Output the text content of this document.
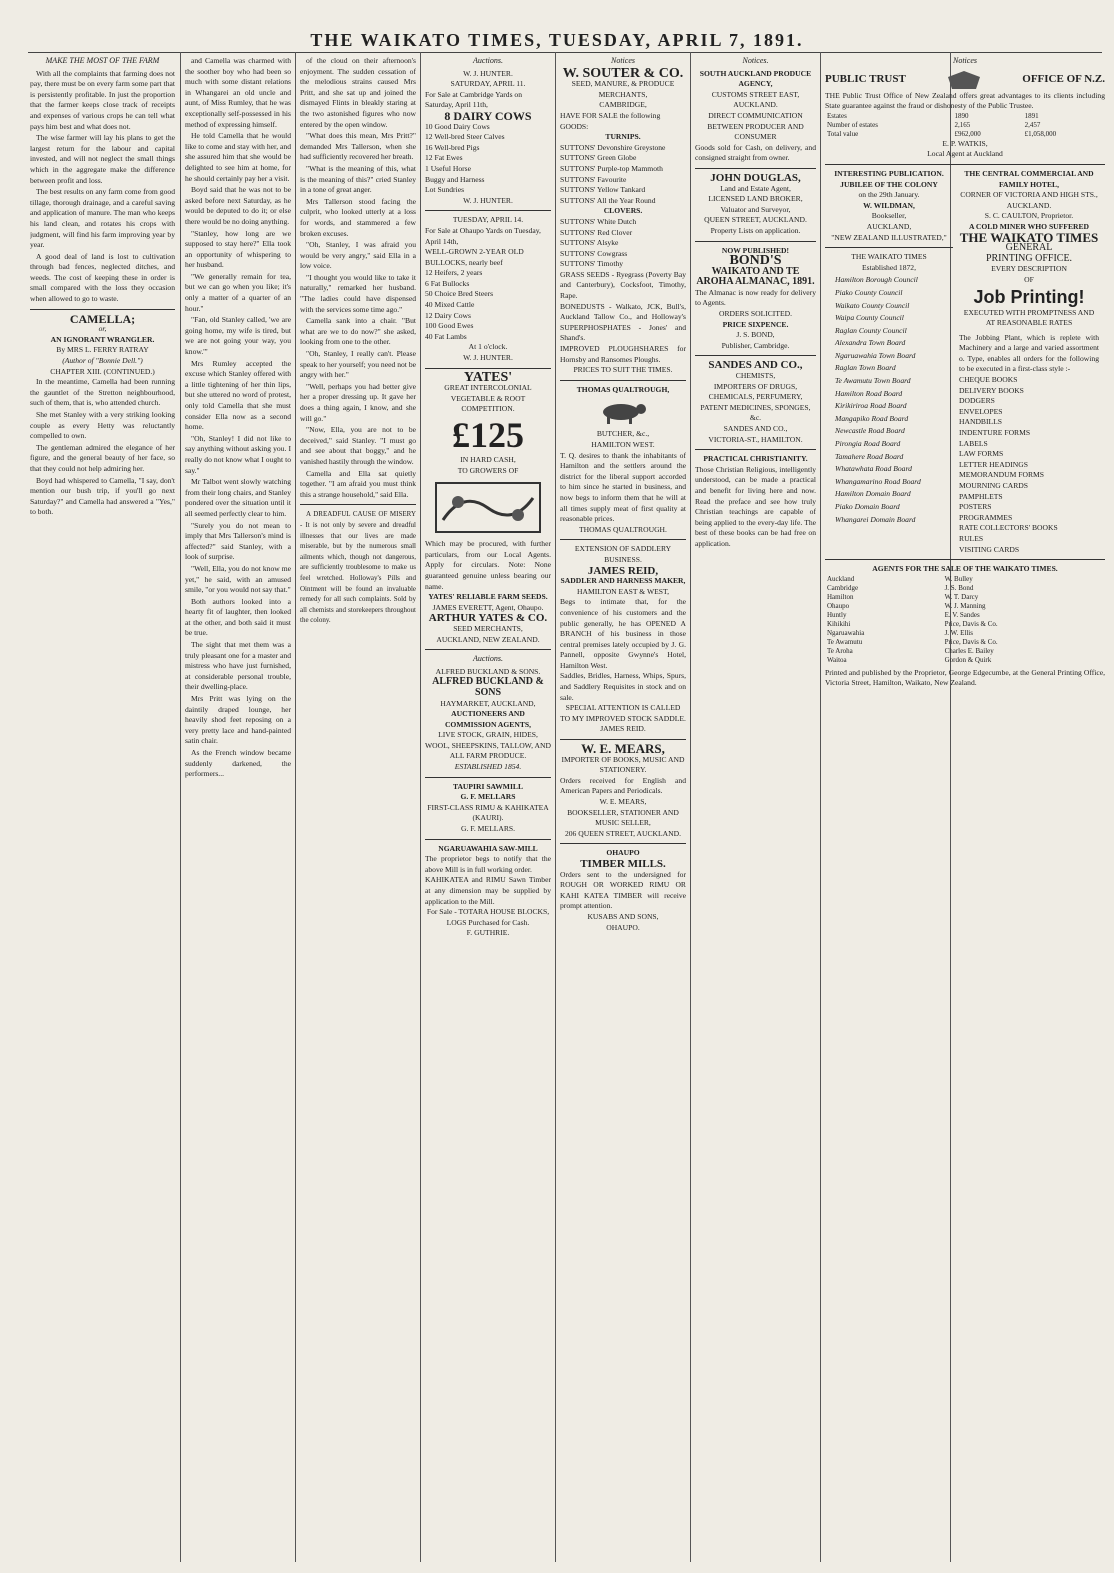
THE WAIKATO TIMES, TUESDAY, APRIL 7, 1891.
MAKE THE MOST OF THE FARM

With all the complaints that farming does not pay, there must be on every farm some part that is persistently profitable. In just the proportion that the farmer keeps close track of receipts and expenses of various crops he can tell what pays him best and what does not.

The wise farmer will lay his plans to get the largest return for the labour and capital invested, and will not neglect the small things which in the aggregate make the difference between profit and loss.

The best results on any farm come from good tillage, thorough drainage, and a careful saving and application of manure. The man who keeps his land clean, and rotates his crops with judgment, will find his farm improving year by year.

A good deal of land is lost to cultivation through bad fences, neglected ditches, and weeds. The cost of keeping these in order is small compared with the loss they occasion when allowed to go to waste.

CAMELLA;
or,
AN IGNORANT WRANGLER.
By MRS L. FERRY RATRAY
(Author of "Bonnie Dell.")
CHAPTER XIII. (CONTINUED.)

In the meantime, Camella had been running the gauntlet of the Stretton neighbourhood, such of them, that is, who attended church.

She met Stanley with a very striking looking couple as every Hetty was reluctantly compelled to own.

The gentleman admired the elegance of her figure, and the general beauty of her face, so that they could not help admiring her.

Boyd had whispered to Camella, "I say, don't mention our bush trip, if you'll go next Saturday?" and Camella had answered a "Yes," to both.

and Camella was charmed with the soother boy who had been so much with some distant relations in Whangarei an old uncle and aunt, of Miss Rumley, that he was exceptionally self-possessed in his method of expressing himself.

He told Camella that he would like to come and stay with her, and she assured him that she would be delighted to see him at home, for he should certainly pay her a visit.

Boyd said that he was not to be asked before next Saturday, as he would be deputed to do it; or else there would be no doing anything.

"Stanley, how long are we supposed to stay here?" Ella took an opportunity of whispering to her husband.

"We generally remain for tea, but we can go when you like; it's only a matter of a quarter of an hour."

"Fan, old Stanley called, 'we are going home, my wife is tired, but we are not going your way, you know.'"

Mrs Rumley accepted the excuse which Stanley offered with a little tightening of her thin lips, but she uttered no word of protest, only told Camella that she must consider Ella now as a second home.

"Oh, Stanley! I did not like to say anything without asking you. I really do not know what I ought to say."

Mr Talbot went slowly watching from their long chairs, and Stanley pondered over the situation until it all seemed perfectly clear to him.

"Surely you do not mean to imply that Mrs Tallerson's mind is affected?" said Stanley, with a look of surprise.

"Well, Ella, you do not know me yet," he said, with an amused smile, "or you would not say that."

Both authors looked into a hearty fit of laughter, then looked at the other, and both said it must be true.

The sight that met them was a truly pleasant one for a master and mistress who have just furnished, at considerable personal trouble, their dwelling-place.

Mrs Pritt was lying on the daintily draped lounge, her heavily shod feet reposing on a very pretty lace and hand-painted satin chair.

As the French window became suddenly darkened, the performers...

of the cloud on their afternoon's enjoyment. The sudden cessation of the melodious strains caused Mrs Pritt, and she sat up and joined the dismayed Flints in bleakly staring at the two astonished figures who now entered by the open window.

"What does this mean, Mrs Pritt?" demanded Mrs Tallerson, when she had sufficiently recovered her breath.

"What is the meaning of this, what is the meaning of this?" cried Stanley in a tone of great anger.

Mrs Tallerson stood facing the culprit, who looked utterly at a loss for words, and stammered a few broken excuses.

"Oh, Stanley, I was afraid you would be very angry," said Ella in a low voice.

"I thought you would like to take it naturally," remarked her husband. "The ladies could have dispensed with the services some time ago."

Camella sank into a chair. "But what are we to do now?" she asked, looking from one to the other.

"Oh, Stanley, I really can't. Please speak to her yourself; you need not be angry with her."

"Well, perhaps you had better give her a proper dressing up. It gave her does a thing again, I know, and she will go."

"Now, Ella, you are not to be deceived," said Stanley. "I must go and see about that boggy," and he vanished hastily through the window.

Camella and Ella sat quietly together. "I am afraid you must think this a strange household," said Ella.

A DREADFUL CAUSE OF MISERY - It is not only by severe and dreadful illnesses that our lives are made miserable, but by the numerous small ailments which, though not dangerous, are sufficiently troublesome to make us feel wretched. Holloway's Pills and Ointment will be found an invaluable remedy for all such complaints. Sold by all chemists and storekeepers throughout the colony.

Auctions.
W. J. HUNTER.
SATURDAY, APRIL 11.
For Sale at Cambridge Yards on Saturday, April 11th,
8 DAIRY COWS
10 Good Dairy Cows
12 Well-bred Steer Calves
16 Well-bred Pigs
12 Fat Ewes
1 Useful Horse
Buggy and Harness
Lot Sundries
W. J. HUNTER.
TUESDAY, APRIL 14.
For Sale at Ohaupo Yards on Tuesday, April 14th,
WELL-GROWN 2-YEAR OLD BULLOCKS, nearly beef
12 Heifers, 2 years
6 Fat Bullocks
50 Choice Bred Steers
40 Mixed Cattle
12 Dairy Cows
100 Good Ewes
40 Fat Lambs
At 1 o'clock.
W. J. HUNTER.
YATES'
GREAT INTERCOLONIAL
VEGETABLE & ROOT
COMPETITION.
£125
IN HARD CASH,
TO GROWERS OF
Which may be procured, with further particulars, from our Local Agents. Apply for circulars. Note: None guaranteed genuine unless bearing our name.
YATES' RELIABLE FARM SEEDS.
JAMES EVERETT, Agent, Ohaupo.
ARTHUR YATES & CO.
SEED MERCHANTS,
AUCKLAND, NEW ZEALAND.
Auctions.
ALFRED BUCKLAND & SONS.
ALFRED BUCKLAND & SONS
HAYMARKET, AUCKLAND,
AUCTIONEERS AND COMMISSION AGENTS,
LIVE STOCK, GRAIN, HIDES, WOOL, SHEEPSKINS, TALLOW, AND ALL FARM PRODUCE.
ESTABLISHED 1854.
TAUPIRI SAWMILL
G. F. MELLARS
FIRST-CLASS RIMU & KAHIKATEA (KAURI).
G. F. MELLARS.
NGARUAWAHIA SAW-MILL
The proprietor begs to notify that the above Mill is in full working order.
KAHIKATEA and RIMU Sawn Timber at any dimension may be supplied by application to the Mill.
For Sale - TOTARA HOUSE BLOCKS,
LOGS Purchased for Cash.
F. GUTHRIE.
Notices
W. SOUTER & CO.
SEED, MANURE, & PRODUCE MERCHANTS,
CAMBRIDGE,
HAVE FOR SALE the following GOODS:
TURNIPS.
SUTTONS' Devonshire Greystone
SUTTONS' Green Globe
SUTTONS' Purple-top Mammoth
SUTTONS' Favourite
SUTTONS' Yellow Tankard
SUTTONS' All the Year Round
CLOVERS.
SUTTONS' White Dutch
SUTTONS' Red Clover
SUTTONS' Alsyke
SUTTONS' Cowgrass
SUTTONS' Timothy
GRASS SEEDS - Ryegrass (Poverty Bay and Canterbury), Cocksfoot, Timothy, Rape.
BONEDUSTS - Walkato, JCK, Bull's, Auckland Tallow Co., and Holloway's SUPERPHOSPHATES - Jones' and Shand's.
IMPROVED PLOUGHSHARES for Hornsby and Ransomes Ploughs.
PRICES TO SUIT THE TIMES.
THOMAS QUALTROUGH,
BUTCHER, &c.,
HAMILTON WEST.
T. Q. desires to thank the inhabitants of Hamilton and the settlers around the district for the liberal support accorded to him since he started in business, and now begs to inform them that he will at all times supply meat of first quality at reasonable prices.
THOMAS QUALTROUGH.
EXTENSION OF SADDLERY BUSINESS.
JAMES REID,
SADDLER AND HARNESS MAKER,
HAMILTON EAST & WEST,
Begs to intimate that, for the convenience of his customers and the public generally, he has OPENED A BRANCH of his business in those central premises lately occupied by J. G. Pannell, opposite Gwynne's Hotel, Hamilton West.
Saddles, Bridles, Harness, Whips, Spurs, and Saddlery Requisites in stock and on sale.
SPECIAL ATTENTION IS CALLED TO MY IMPROVED STOCK SADDLE.
JAMES REID.
W. E. MEARS,
IMPORTER OF BOOKS, MUSIC AND STATIONERY.
Orders received for English and American Papers and Periodicals.
W. E. MEARS,
BOOKSELLER, STATIONER AND MUSIC SELLER,
206 QUEEN STREET, AUCKLAND.
OHAUPO
TIMBER MILLS.
Orders sent to the undersigned for ROUGH OR WORKED RIMU OR KAHI KATEA TIMBER will receive prompt attention.
KUSABS AND SONS,
OHAUPO.
Notices.
SOUTH AUCKLAND PRODUCE AGENCY,
CUSTOMS STREET EAST, AUCKLAND.
DIRECT COMMUNICATION BETWEEN PRODUCER AND CONSUMER
Goods sold for Cash, on delivery, and consigned straight from owner.
JOHN DOUGLAS,
Land and Estate Agent,
LICENSED LAND BROKER,
Valuator and Surveyor,
QUEEN STREET, AUCKLAND.
Property Lists on application.
NOW PUBLISHED!
BOND'S
WAIKATO AND TE AROHA ALMANAC, 1891.
The Almanac is now ready for delivery to Agents.
ORDERS SOLICITED.
PRICE SIXPENCE.
J. S. BOND,
Publisher, Cambridge.
SANDES AND CO.,
CHEMISTS,
IMPORTERS OF DRUGS, CHEMICALS, PERFUMERY, PATENT MEDICINES, SPONGES, &c.
SANDES AND CO.,
VICTORIA-ST., HAMILTON.
PRACTICAL CHRISTIANITY.
Those Christian Religious, intelligently understood, can be made a practical and benefit for living here and now. Read the preface and see how truly Christian teachings are capable of being applied to the every-day life. The best of these books can be had free on application.
Notices
PUBLIC TRUST	OFFICE OF N.Z.
THE Public Trust Office of New Zealand offers great advantages to its clients including State guarantee against the fraud or dishonesty of the Public Trustee.
Estates	1890	1891
Number of estates	2,165	2,457
Total value	£962,000	£1,058,000
E. P. WATKIS,
Local Agent at Auckland
INTERESTING PUBLICATION.
JUBILEE OF THE COLONY
on the 29th January.
W. WILDMAN,
Bookseller,
AUCKLAND,
"NEW ZEALAND ILLUSTRATED,"
THE WAIKATO TIMES
Established 1872,
Hamilton Borough Council
Piako County Council
Waikato County Council
Waipa County Council
Raglan County Council
Alexandra Town Board
Ngaruawahia Town Board
Raglan Town Board
Te Awamutu Town Board
Hamilton Road Board
Kirikiriroa Road Board
Mangapiko Road Board
Newcastle Road Board
Pirongia Road Board
Tamahere Road Board
Whatawhata Road Board
Whangamarino Road Board
Hamilton Domain Board
Piako Domain Board
Whangarei Domain Board
THE CENTRAL COMMERCIAL AND FAMILY HOTEL,
CORNER OF VICTORIA AND HIGH STS., AUCKLAND.
S. C. CAULTON, Proprietor.
A COLD MINER WHO SUFFERED
THE WAIKATO TIMES
GENERAL
PRINTING OFFICE.
EVERY DESCRIPTION
OF
Job Printing!
EXECUTED WITH PROMPTNESS AND AT REASONABLE RATES
The Jobbing Plant, which is replete with Machinery and a large and varied assortment o. Type, enables all orders for the following to be executed in a first-class style :-
CHEQUE BOOKS
DELIVERY BOOKS
DODGERS
ENVELOPES
HANDBILLS
INDENTURE FORMS
LABELS
LAW FORMS
LETTER HEADINGS
MEMORANDUM FORMS
MOURNING CARDS
PAMPHLETS
POSTERS
PROGRAMMES
RATE COLLECTORS' BOOKS
RULES
VISITING CARDS
AGENTS FOR THE SALE OF THE WAIKATO TIMES.
Auckland	W. Bulley
Cambridge	J. S. Bond
Hamilton	W. T. Darcy
Ohaupo	W. J. Manning
Huntly	E. V. Sandes
Kihikihi	Price, Davis & Co.
Ngaruawahia	J. W. Ellis
Te Awamutu	Price, Davis & Co.
Te Aroha	Charles E. Bailey
Waitoa	Gordon & Quirk
Printed and published by the Proprietor, George Edgecumbe, at the General Printing Office, Victoria Street, Hamilton, Waikato, New Zealand.
